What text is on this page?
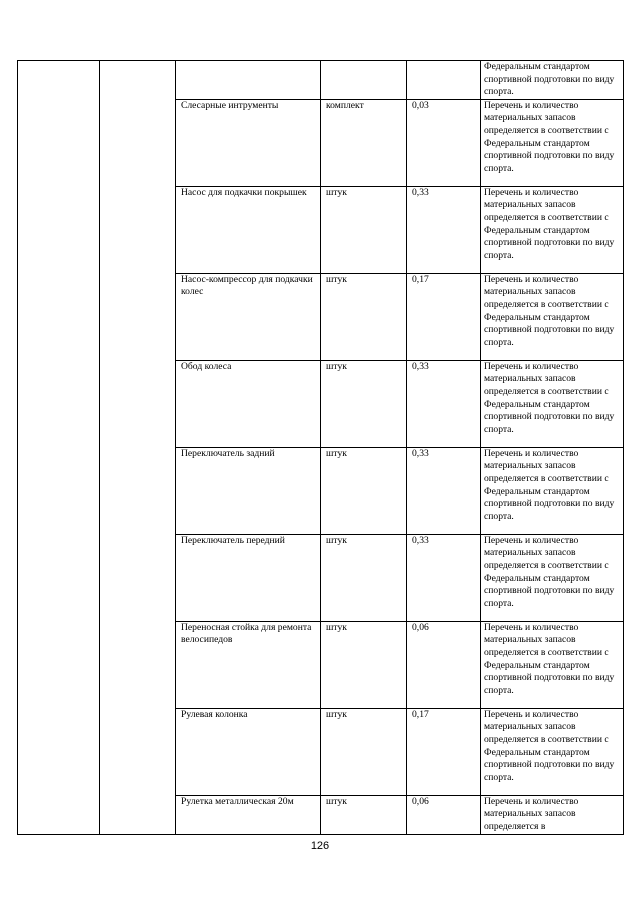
					Федеральным стандартом спортивной подготовки по виду спорта.
		Слесарные интрументы	комплект	0,03	Перечень и количество материальных запасов определяется в соответствии с Федеральным стандартом спортивной подготовки по виду спорта.
		Насос для подкачки покрышек	штук	0,33	Перечень и количество материальных запасов определяется в соответствии с Федеральным стандартом спортивной подготовки по виду спорта.
		Насос-компрессор для подкачки колес	штук	0,17	Перечень и количество материальных запасов определяется в соответствии с Федеральным стандартом спортивной подготовки по виду спорта.
		Обод колеса	штук	0,33	Перечень и количество материальных запасов определяется в соответствии с Федеральным стандартом спортивной подготовки по виду спорта.
		Переключатель задний	штук	0,33	Перечень и количество материальных запасов определяется в соответствии с Федеральным стандартом спортивной подготовки по виду спорта.
		Переключатель передний	штук	0,33	Перечень и количество материальных запасов определяется в соответствии с Федеральным стандартом спортивной подготовки по виду спорта.
		Переносная стойка для ремонта велосипедов	штук	0,06	Перечень и количество материальных запасов определяется в соответствии с Федеральным стандартом спортивной подготовки по виду спорта.
		Рулевая колонка	штук	0,17	Перечень и количество материальных запасов определяется в соответствии с Федеральным стандартом спортивной подготовки по виду спорта.
		Рулетка металлическая 20м	штук	0,06	Перечень и количество материальных запасов определяется в
126
